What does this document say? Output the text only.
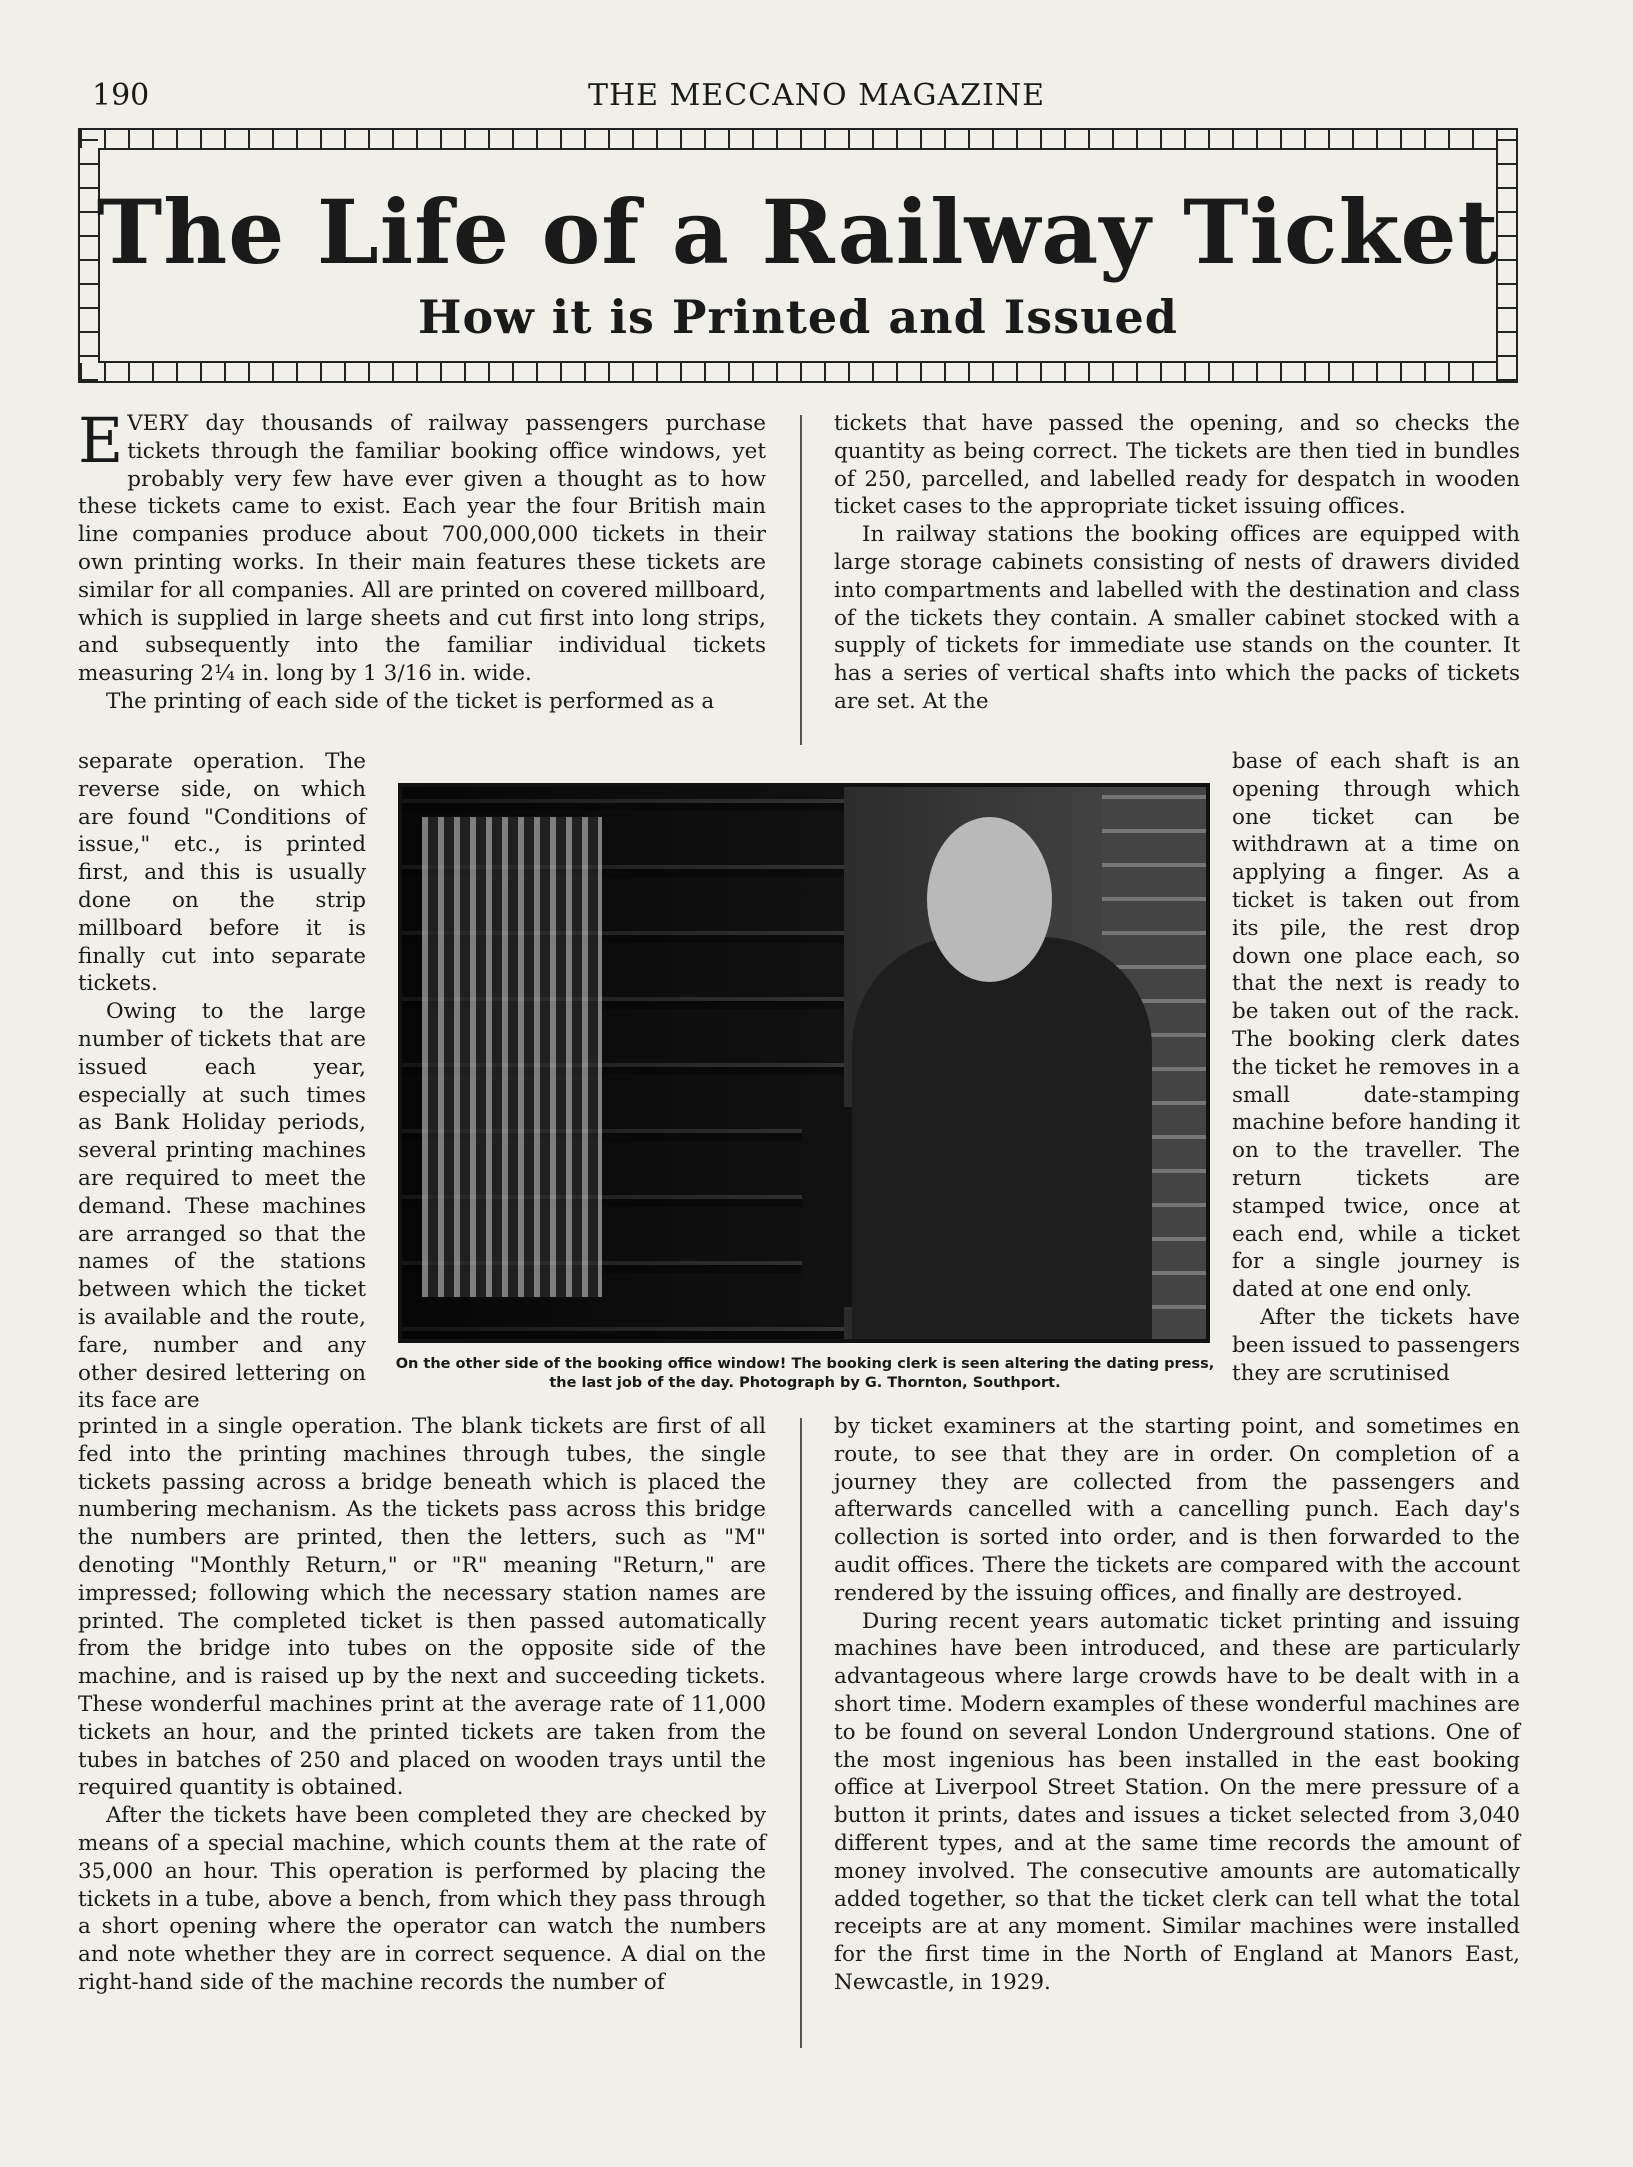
190	THE MECCANO MAGAZINE
The Life of a Railway Ticket
How it is Printed and Issued

EVERY day thousands of railway passengers purchase tickets through the familiar booking office windows, yet probably very few have ever given a thought as to how these tickets came to exist. Each year the four British main line companies produce about 700,000,000 tickets in their own printing works. In their main features these tickets are similar for all companies. All are printed on covered millboard, which is supplied in large sheets and cut first into long strips, and subsequently into the familiar individual tickets measuring 2¼ in. long by 1 3/16 in. wide.

The printing of each side of the ticket is performed as a

separate operation. The reverse side, on which are found "Conditions of issue," etc., is printed first, and this is usually done on the strip millboard before it is finally cut into separate tickets.

Owing to the large number of tickets that are issued each year, especially at such times as Bank Holiday periods, several printing machines are required to meet the demand. These machines are arranged so that the names of the stations between which the ticket is available and the route, fare, number and any other desired lettering on its face are

printed in a single operation. The blank tickets are first of all fed into the printing machines through tubes, the single tickets passing across a bridge beneath which is placed the numbering mechanism. As the tickets pass across this bridge the numbers are printed, then the letters, such as "M" denoting "Monthly Return," or "R" meaning "Return," are impressed; following which the necessary station names are printed. The completed ticket is then passed automatically from the bridge into tubes on the opposite side of the machine, and is raised up by the next and succeeding tickets. These wonderful machines print at the average rate of 11,000 tickets an hour, and the printed tickets are taken from the tubes in batches of 250 and placed on wooden trays until the required quantity is obtained.

After the tickets have been completed they are checked by means of a special machine, which counts them at the rate of 35,000 an hour. This operation is performed by placing the tickets in a tube, above a bench, from which they pass through a short opening where the operator can watch the numbers and note whether they are in correct sequence. A dial on the right-hand side of the machine records the number of

tickets that have passed the opening, and so checks the quantity as being correct. The tickets are then tied in bundles of 250, parcelled, and labelled ready for despatch in wooden ticket cases to the appropriate ticket issuing offices.

In railway stations the booking offices are equipped with large storage cabinets consisting of nests of drawers divided into compartments and labelled with the destination and class of the tickets they contain. A smaller cabinet stocked with a supply of tickets for immediate use stands on the counter. It has a series of vertical shafts into which the packs of tickets are set. At the

base of each shaft is an opening through which one ticket can be withdrawn at a time on applying a finger. As a ticket is taken out from its pile, the rest drop down one place each, so that the next is ready to be taken out of the rack. The booking clerk dates the ticket he removes in a small date-stamping machine before handing it on to the traveller. The return tickets are stamped twice, once at each end, while a ticket for a single journey is dated at one end only.

After the tickets have been issued to passengers they are scrutinised

by ticket examiners at the starting point, and sometimes en route, to see that they are in order. On completion of a journey they are collected from the passengers and afterwards cancelled with a cancelling punch. Each day's collection is sorted into order, and is then forwarded to the audit offices. There the tickets are compared with the account rendered by the issuing offices, and finally are destroyed.

During recent years automatic ticket printing and issuing machines have been introduced, and these are particularly advantageous where large crowds have to be dealt with in a short time. Modern examples of these wonderful machines are to be found on several London Underground stations. One of the most ingenious has been installed in the east booking office at Liverpool Street Station. On the mere pressure of a button it prints, dates and issues a ticket selected from 3,040 different types, and at the same time records the amount of money involved. The consecutive amounts are automatically added together, so that the ticket clerk can tell what the total receipts are at any moment. Similar machines were installed for the first time in the North of England at Manors East, Newcastle, in 1929.

On the other side of the booking office window! The booking clerk is seen altering the dating press, the last job of the day. Photograph by G. Thornton, Southport.
